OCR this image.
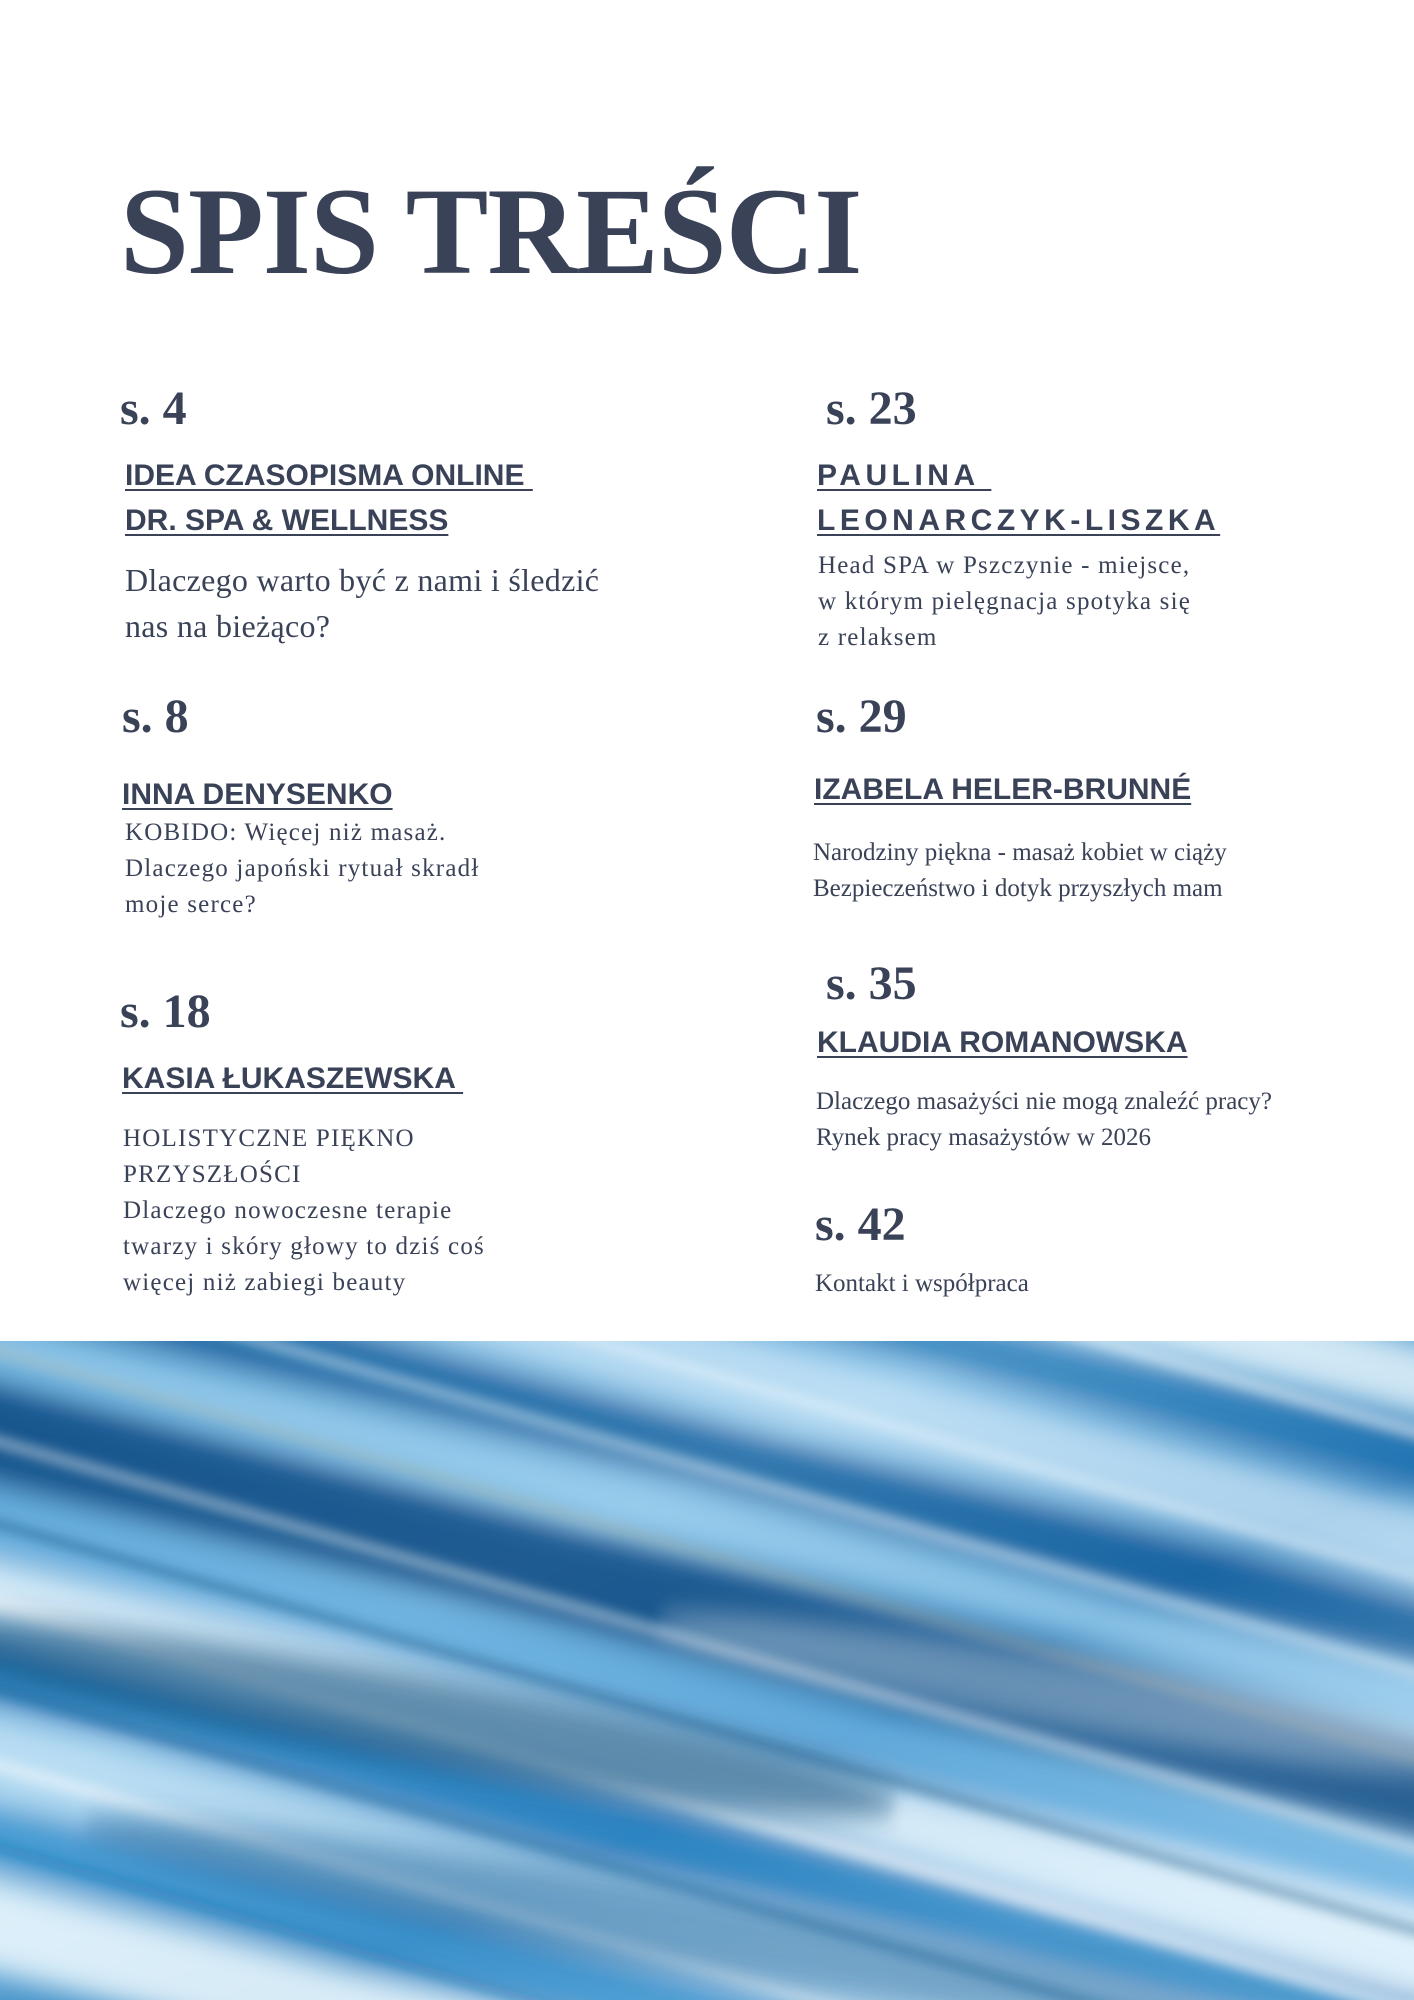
SPIS TREŚCI
s. 4
IDEA CZASOPISMA ONLINE
DR. SPA & WELLNESS
Dlaczego warto być z nami i śledzić
nas na bieżąco?
s. 8
INNA DENYSENKO
KOBIDO: Więcej niż masaż.
Dlaczego japoński rytuał skradł
moje serce?
s. 18
KASIA ŁUKASZEWSKA
HOLISTYCZNE PIĘKNO
PRZYSZŁOŚCI
Dlaczego nowoczesne terapie
twarzy i skóry głowy to dziś coś
więcej niż zabiegi beauty
s. 23
PAULINA
LEONARCZYK-LISZKA
Head SPA w Pszczynie - miejsce,
w którym pielęgnacja spotyka się
z relaksem
s. 29
IZABELA HELER-BRUNNÉ
Narodziny piękna - masaż kobiet w ciąży
Bezpieczeństwo i dotyk przyszłych mam
s. 35
KLAUDIA ROMANOWSKA
Dlaczego masażyści nie mogą znaleźć pracy?
Rynek pracy masażystów w 2026
s. 42
Kontakt i współpraca
